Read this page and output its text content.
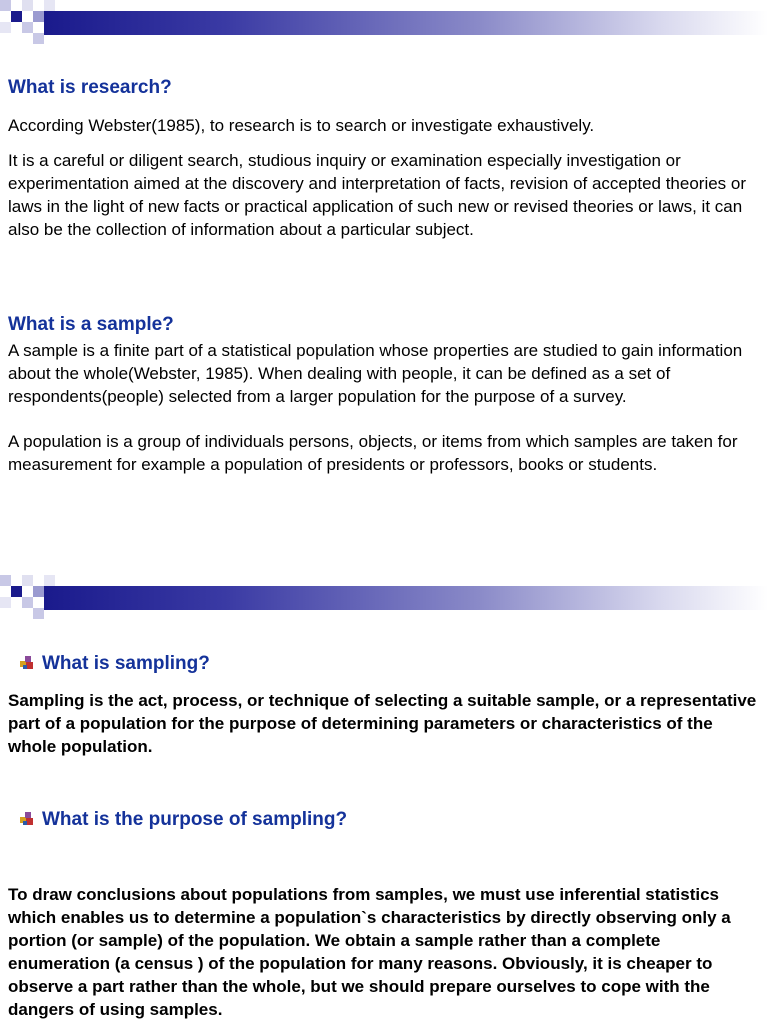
What is research?

According Webster(1985), to research is to search or investigate exhaustively.

It is a careful or diligent search, studious inquiry or examination especially investigation or experimentation aimed at the discovery and interpretation of facts, revision of accepted theories or laws in the light of new facts or practical application of such new or revised theories or laws, it can also be the collection of information about a particular subject.

What is a sample?

A sample is a finite part of a statistical population whose properties are studied to gain information about the whole(Webster, 1985). When dealing with people, it can be defined as a set of respondents(people) selected from a larger population for the purpose of a survey.

A population is a group of individuals persons, objects, or items from which samples are taken for measurement for example a population of presidents or professors, books or students.

What is sampling?

Sampling is the act, process, or technique of selecting a suitable sample, or a representative part of a population for the purpose of determining parameters or characteristics of the whole population.

What is the purpose of sampling?

To draw conclusions about populations from samples, we must use inferential statistics which enables us to determine a population`s characteristics by directly observing only a portion (or sample) of the population. We obtain a sample rather than a complete enumeration (a census ) of the population for many reasons. Obviously, it is cheaper to observe a part rather than the whole, but we should prepare ourselves to cope with the dangers of using samples.
